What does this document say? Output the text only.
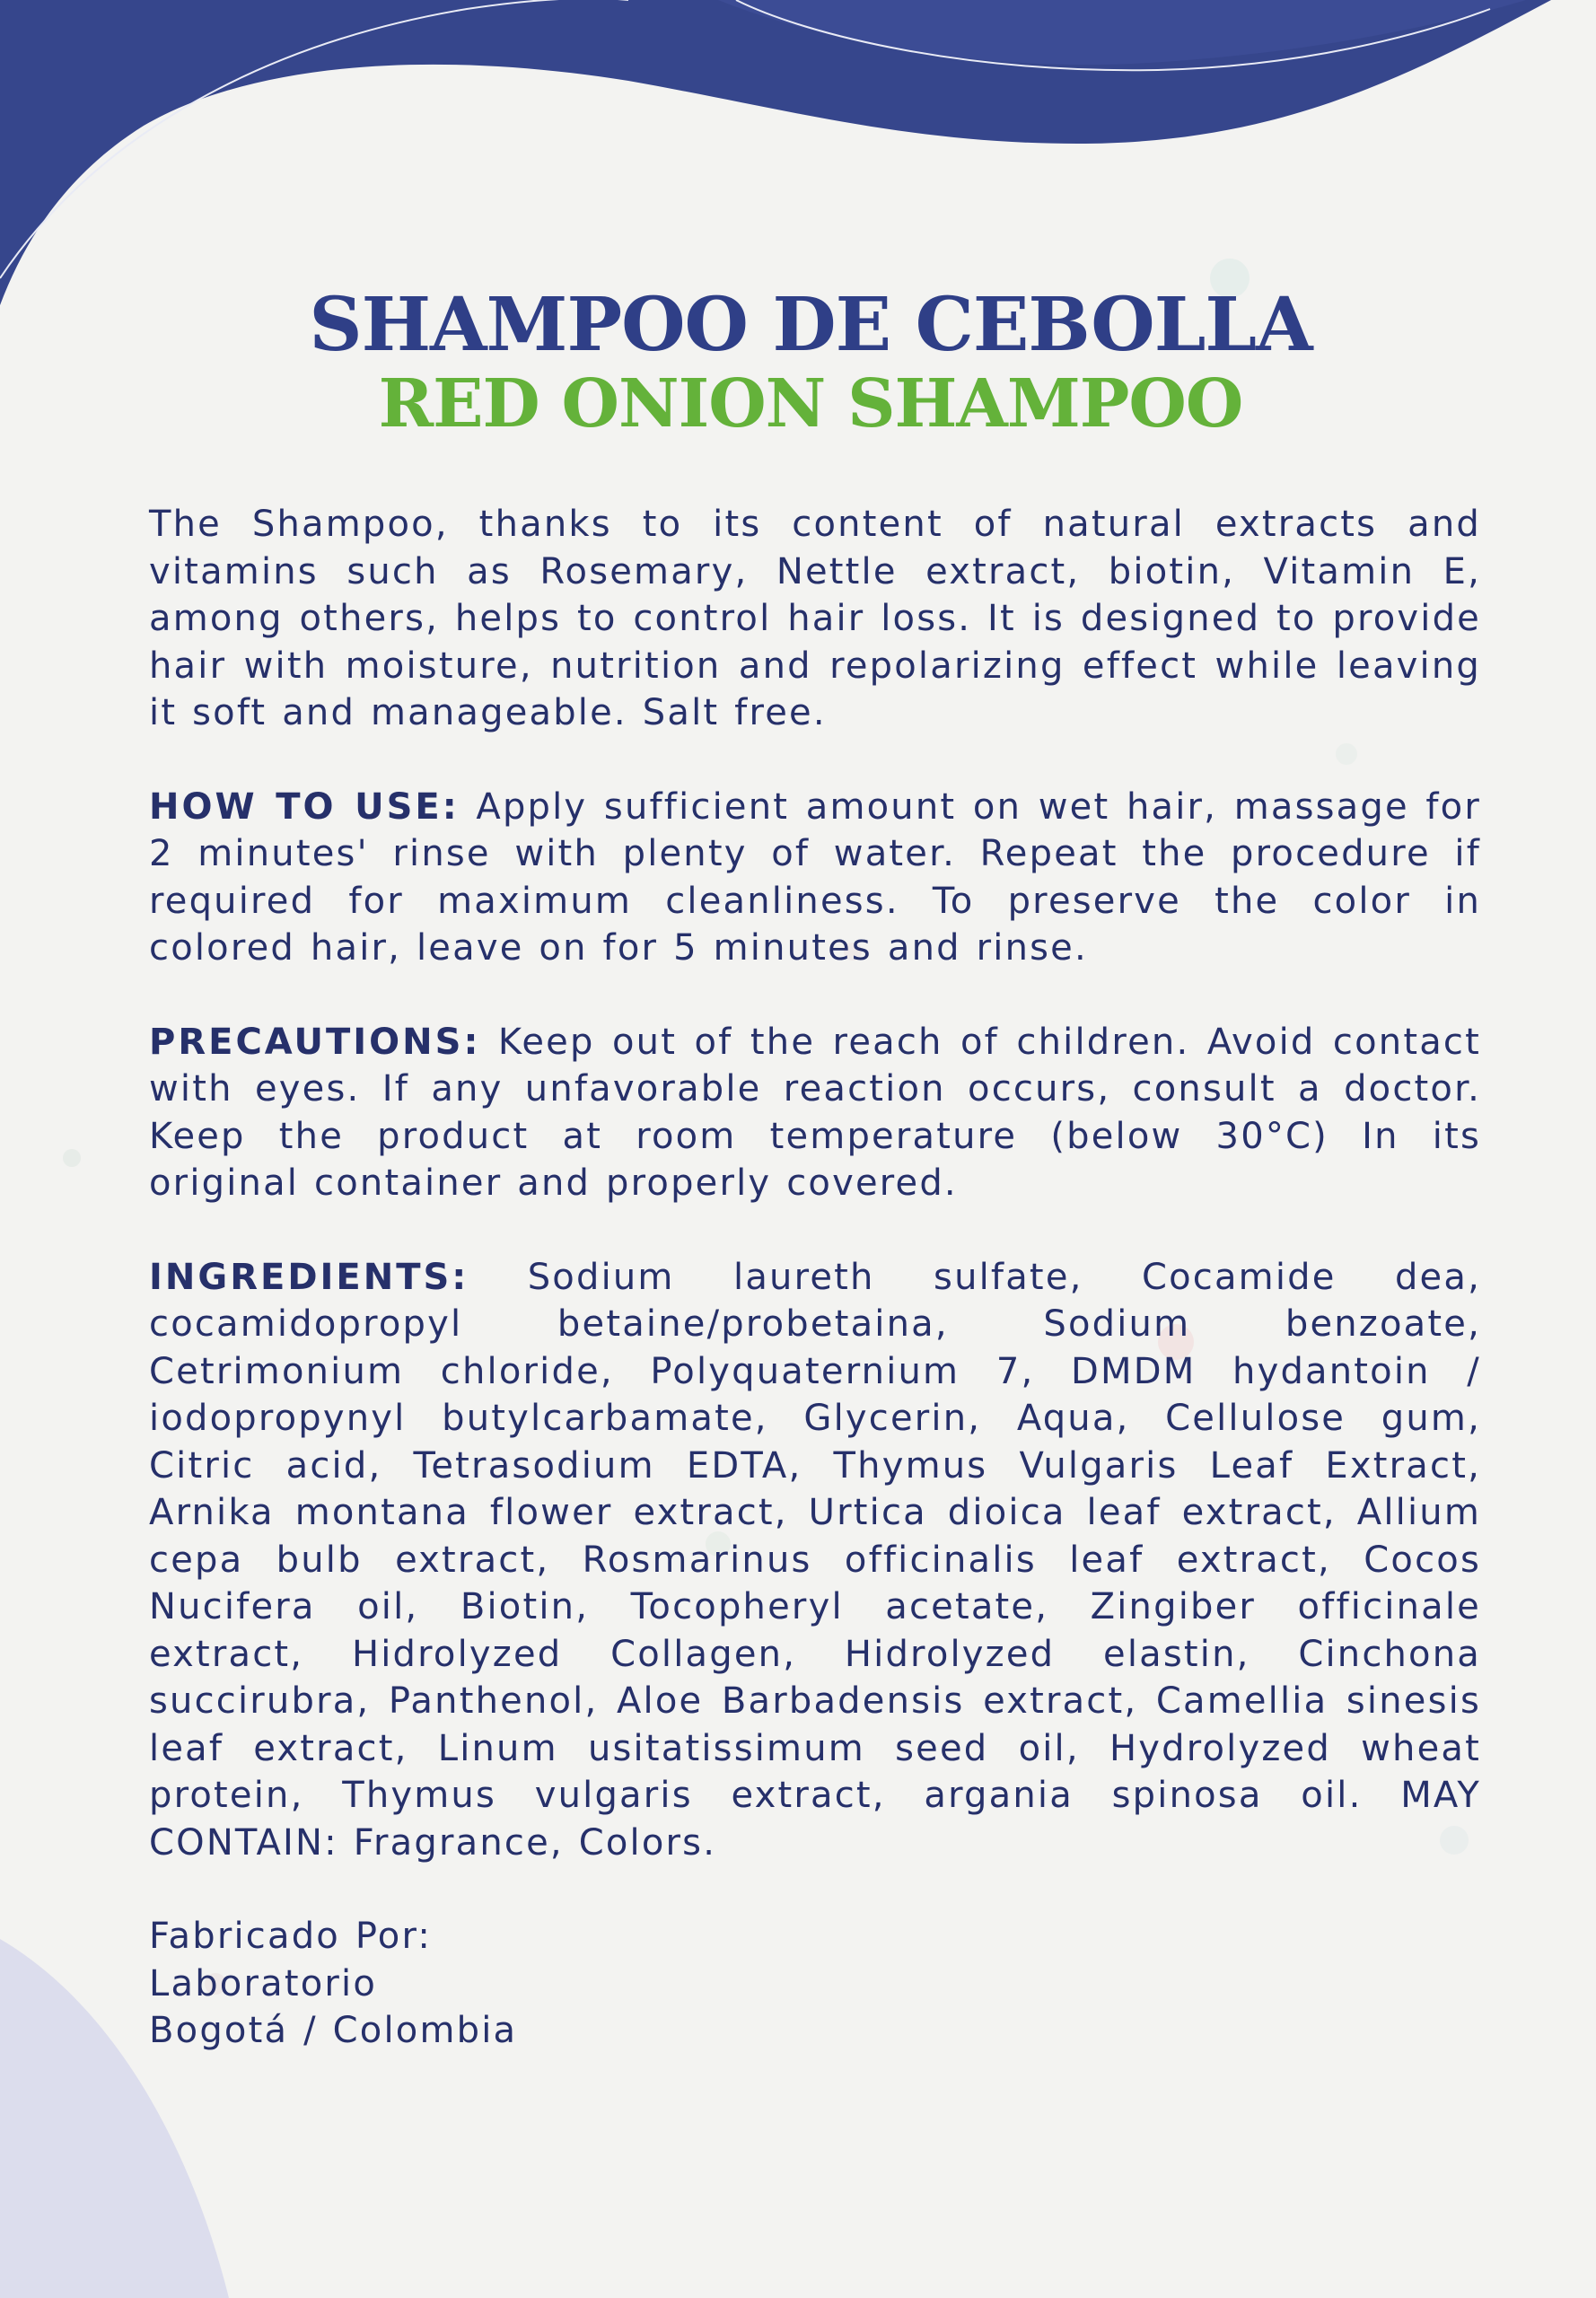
SHAMPOO DE CEBOLLA
RED ONION SHAMPOO

The Shampoo, thanks to its content of natural extracts and vitamins such as Rosemary, Nettle extract, biotin, Vitamin E, among others, helps to control hair loss. It is designed to provide hair with moisture, nutrition and repolarizing effect while leaving it soft and manageable. Salt free.

HOW TO USE: Apply sufficient amount on wet hair, massage for 2 minutes' rinse with plenty of water. Repeat the procedure if required for maximum cleanliness. To preserve the color in colored hair, leave on for 5 minutes and rinse.

PRECAUTIONS: Keep out of the reach of children. Avoid contact with eyes. If any unfavorable reaction occurs, consult a doctor. Keep the product at room temperature (below 30°C) In its original container and properly covered.

INGREDIENTS: Sodium laureth sulfate, Cocamide dea, cocamidopropyl betaine/probetaina, Sodium benzoate, Cetrimonium chloride, Polyquaternium 7, DMDM hydantoin / iodopropynyl butylcarbamate, Glycerin, Aqua, Cellulose gum, Citric acid, Tetrasodium EDTA, Thymus Vulgaris Leaf Extract, Arnika montana flower extract, Urtica dioica leaf extract, Allium cepa bulb extract, Rosmarinus officinalis leaf extract, Cocos Nucifera oil, Biotin, Tocopheryl acetate, Zingiber officinale extract, Hidrolyzed Collagen, Hidrolyzed elastin, Cinchona succirubra, Panthenol, Aloe Barbadensis extract, Camellia sinesis leaf extract, Linum usitatissimum seed oil, Hydrolyzed wheat protein, Thymus vulgaris extract, argania spinosa oil. MAY CONTAIN: Fragrance, Colors.

Fabricado Por:
Laboratorio
Bogotá / Colombia
